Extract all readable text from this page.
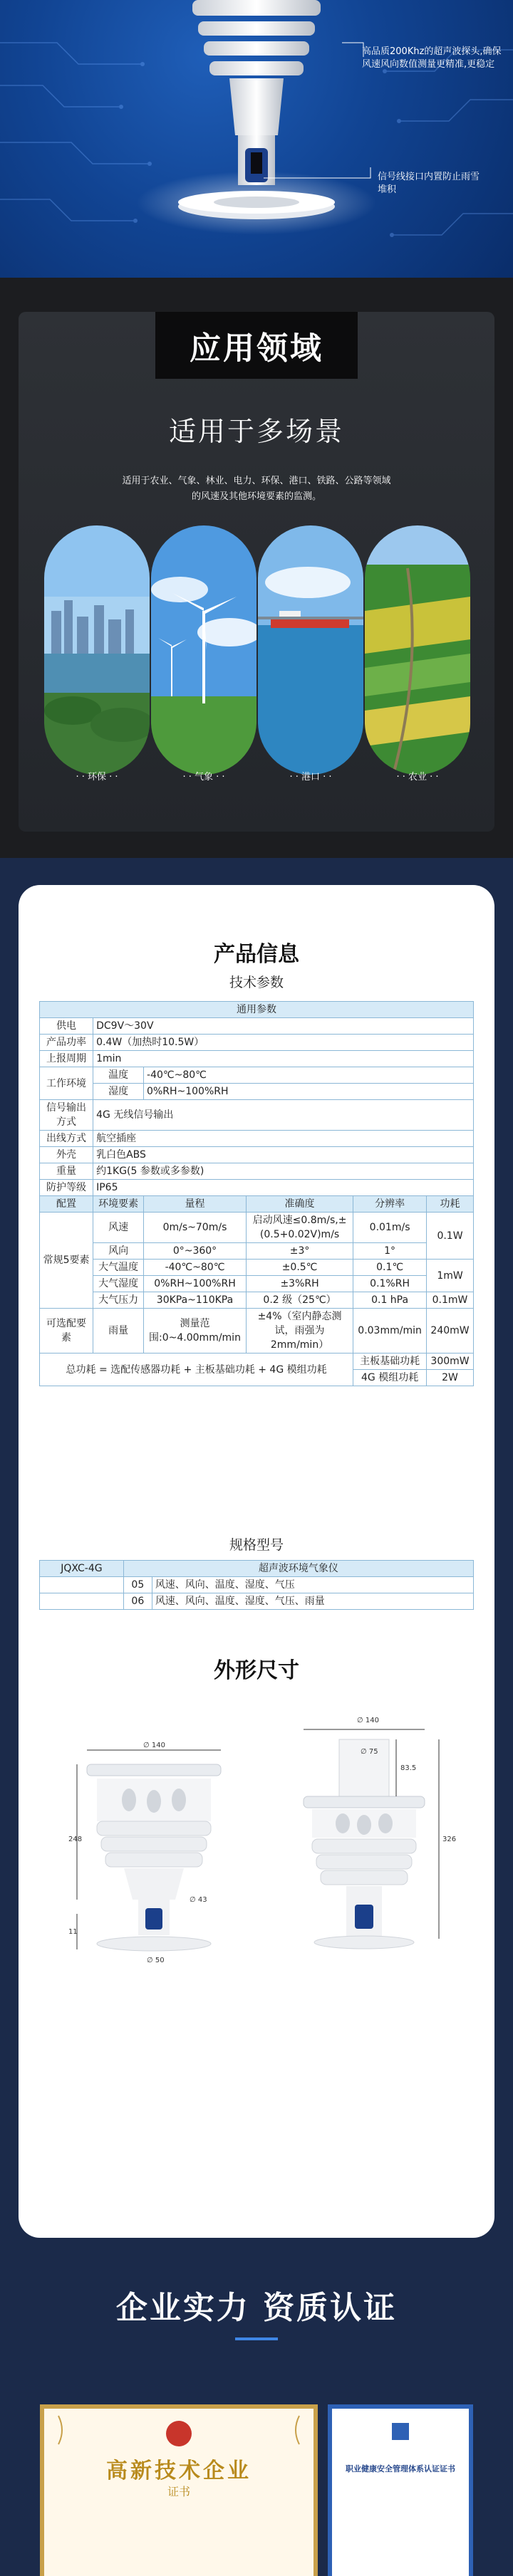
高品质200Khz的超声波探头,确保风速风向数值测量更精准,更稳定
信号线接口内置防止雨雪堆积
应用领域
适用于多场景
适用于农业、气象、林业、电力、环保、港口、铁路、公路等领域的风速及其他环境要素的监测。
· · 环保 · ·	· · 气象 · ·	· · 港口 · ·	· · 农业 · ·
产品信息
技术参数
通用参数					
供电	DC9V～30V				
产品功率	0.4W（加热时10.5W）				
上报周期	1min				
工作环境	温度	-40℃~80℃			
	湿度	0%RH~100%RH			
信号输出方式	4G 无线信号输出				
出线方式	航空插座				
外壳	乳白色ABS				
重量	约1KG(5 参数或多参数)				
防护等级	IP65				
配置	环境要素	量程	准确度	分辨率	功耗
常规5要素	风速	0m/s~70m/s	启动风速≤0.8m/s,±(0.5+0.02V)m/s	0.01m/s	0.1W
	风向	0°~360°	±3°	1°	
	大气温度	-40℃~80℃	±0.5℃	0.1℃	1mW
	大气湿度	0%RH~100%RH	±3%RH	0.1%RH	
	大气压力	30KPa~110KPa	0.2 级（25℃）	0.1 hPa	0.1mW
可选配要素	雨量	测量范围:0~4.00mm/min	±4%（室内静态测试，雨强为2mm/min）	0.03mm/min	240mW
总功耗 = 选配传感器功耗 + 主板基础功耗 + 4G 模组功耗				主板基础功耗	300mW
				4G 模组功耗	2W
规格型号
JQXC-4G	超声波环境气象仪	
	05	风速、风向、温度、湿度、气压
	06	风速、风向、温度、湿度、气压、雨量
外形尺寸
∅ 140
248
11
∅ 43
∅ 50
∅ 140
∅ 75
83.5
326
企业实力 资质认证
高新技术企业
证书
职业健康安全管理体系认证证书
